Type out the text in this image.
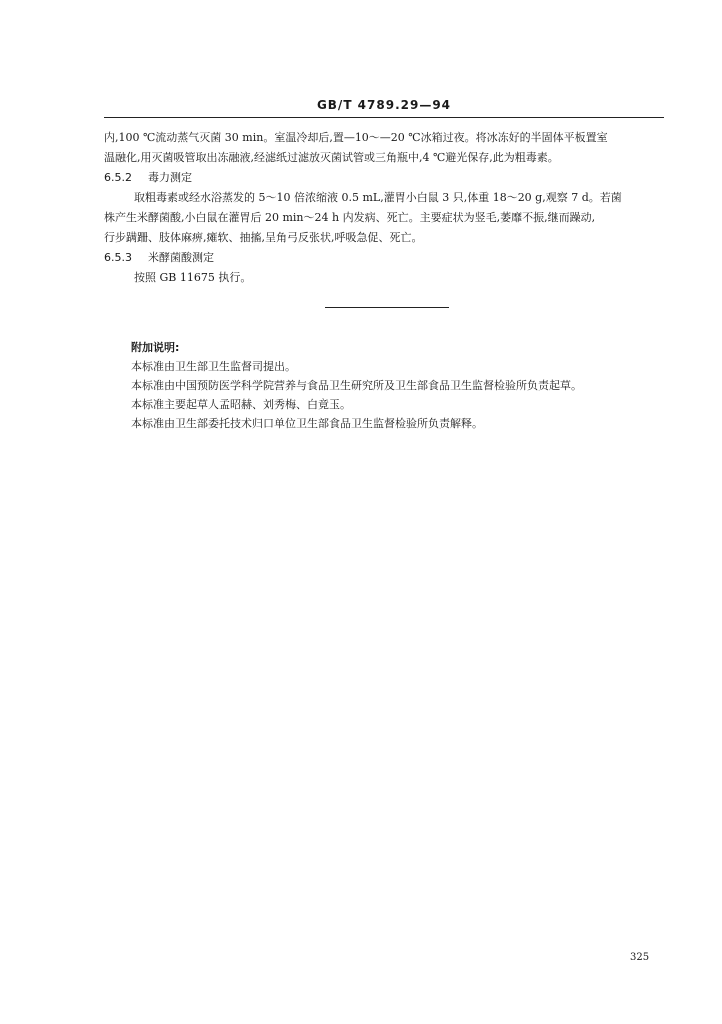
GB/T 4789.29—94
内,100 ℃流动蒸气灭菌 30 min。室温冷却后,置—10～—20 ℃冰箱过夜。将冰冻好的半固体平板置室
温融化,用灭菌吸管取出冻融液,经滤纸过滤放灭菌试管或三角瓶中,4 ℃避光保存,此为粗毒素。
6.5.2 毒力测定
取粗毒素或经水浴蒸发的 5～10 倍浓缩液 0.5 mL,灌胃小白鼠 3 只,体重 18～20 g,观察 7 d。若菌
株产生米酵菌酸,小白鼠在灌胃后 20 min～24 h 内发病、死亡。主要症状为竖毛,萎靡不振,继而躁动,
行步蹒跚、肢体麻痹,瘫软、抽搐,呈角弓反张状,呼吸急促、死亡。
6.5.3 米酵菌酸测定
按照 GB 11675 执行。
附加说明:
本标准由卫生部卫生监督司提出。
本标准由中国预防医学科学院营养与食品卫生研究所及卫生部食品卫生监督检验所负责起草。
本标准主要起草人孟昭赫、刘秀梅、白竟玉。
本标准由卫生部委托技术归口单位卫生部食品卫生监督检验所负责解释。
325
